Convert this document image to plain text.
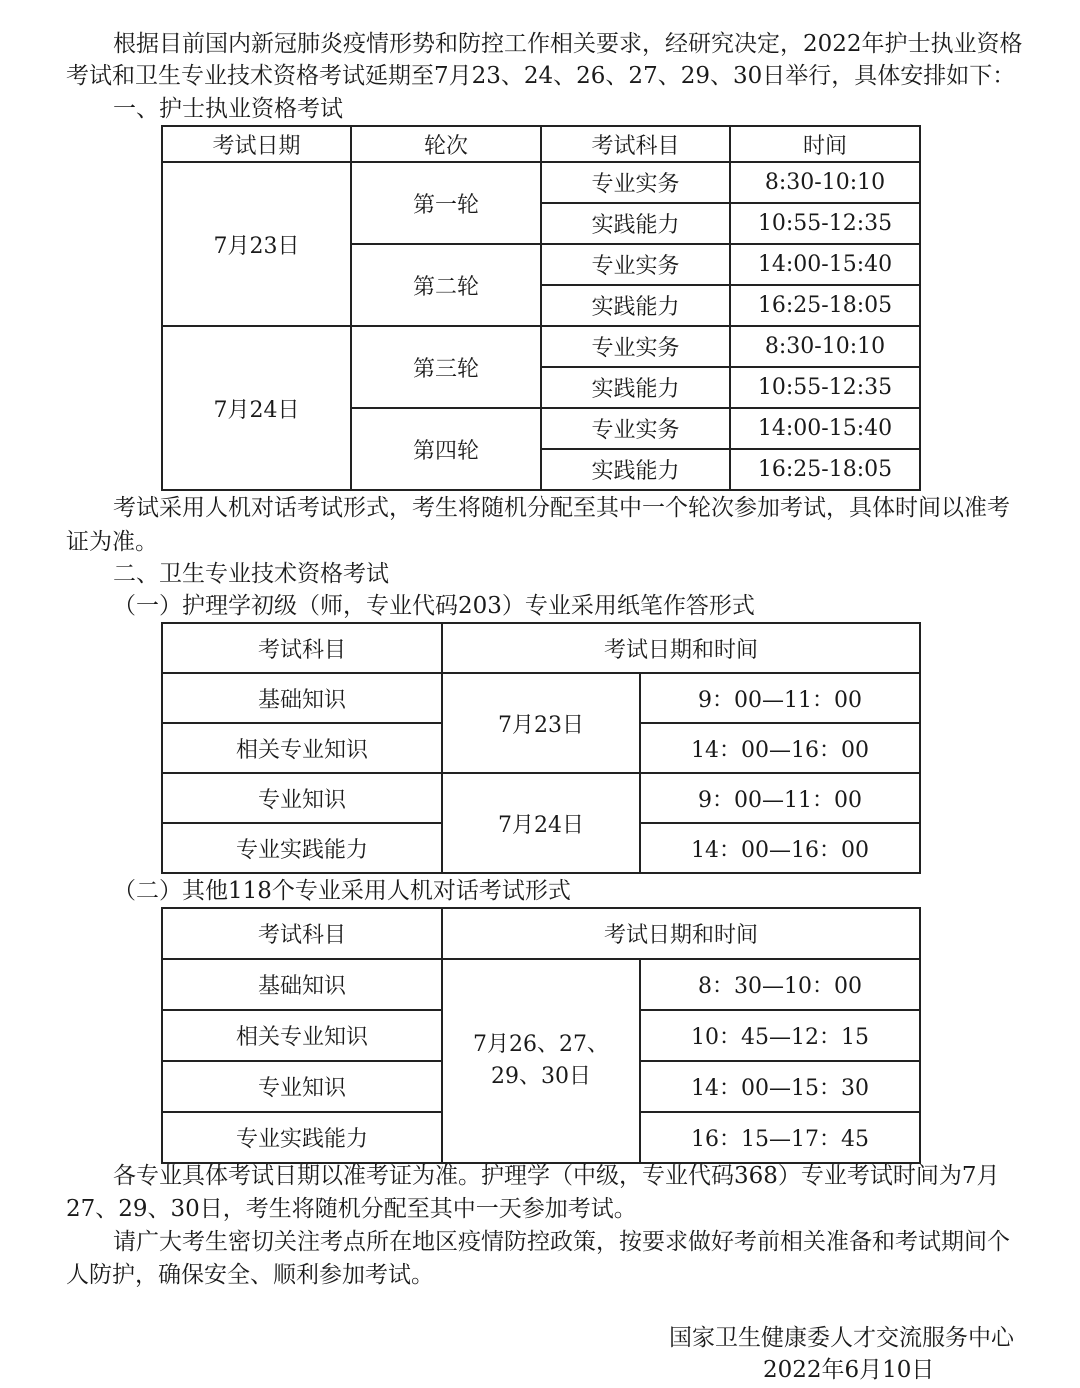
根据目前国内新冠肺炎疫情形势和防控工作相关要求，经研究决定，2022年护士执业资格
考试和卫生专业技术资格考试延期至7月23、24、26、27、29、30日举行，具体安排如下：
一、护士执业资格考试
考试日期	轮次	考试科目	时间
7月23日	第一轮	专业实务	8:30-10:10
		实践能力	10:55-12:35
	第二轮	专业实务	14:00-15:40
		实践能力	16:25-18:05
7月24日	第三轮	专业实务	8:30-10:10
		实践能力	10:55-12:35
	第四轮	专业实务	14:00-15:40
		实践能力	16:25-18:05
考试采用人机对话考试形式，考生将随机分配至其中一个轮次参加考试，具体时间以准考
证为准。
二、卫生专业技术资格考试
（一）护理学初级（师，专业代码203）专业采用纸笔作答形式
考试科目	考试日期和时间	
基础知识	7月23日	9：00—11：00
相关专业知识		14：00—16：00
专业知识	7月24日	9：00—11：00
专业实践能力		14：00—16：00
（二）其他118个专业采用人机对话考试形式
考试科目	考试日期和时间	
基础知识	7月26、27、
29、30日	8：30—10：00
相关专业知识		10：45—12：15
专业知识		14：00—15：30
专业实践能力		16：15—17：45
各专业具体考试日期以准考证为准。护理学（中级，专业代码368）专业考试时间为7月
27、29、30日，考生将随机分配至其中一天参加考试。
请广大考生密切关注考点所在地区疫情防控政策，按要求做好考前相关准备和考试期间个
人防护，确保安全、顺利参加考试。
国家卫生健康委人才交流服务中心
2022年6月10日
